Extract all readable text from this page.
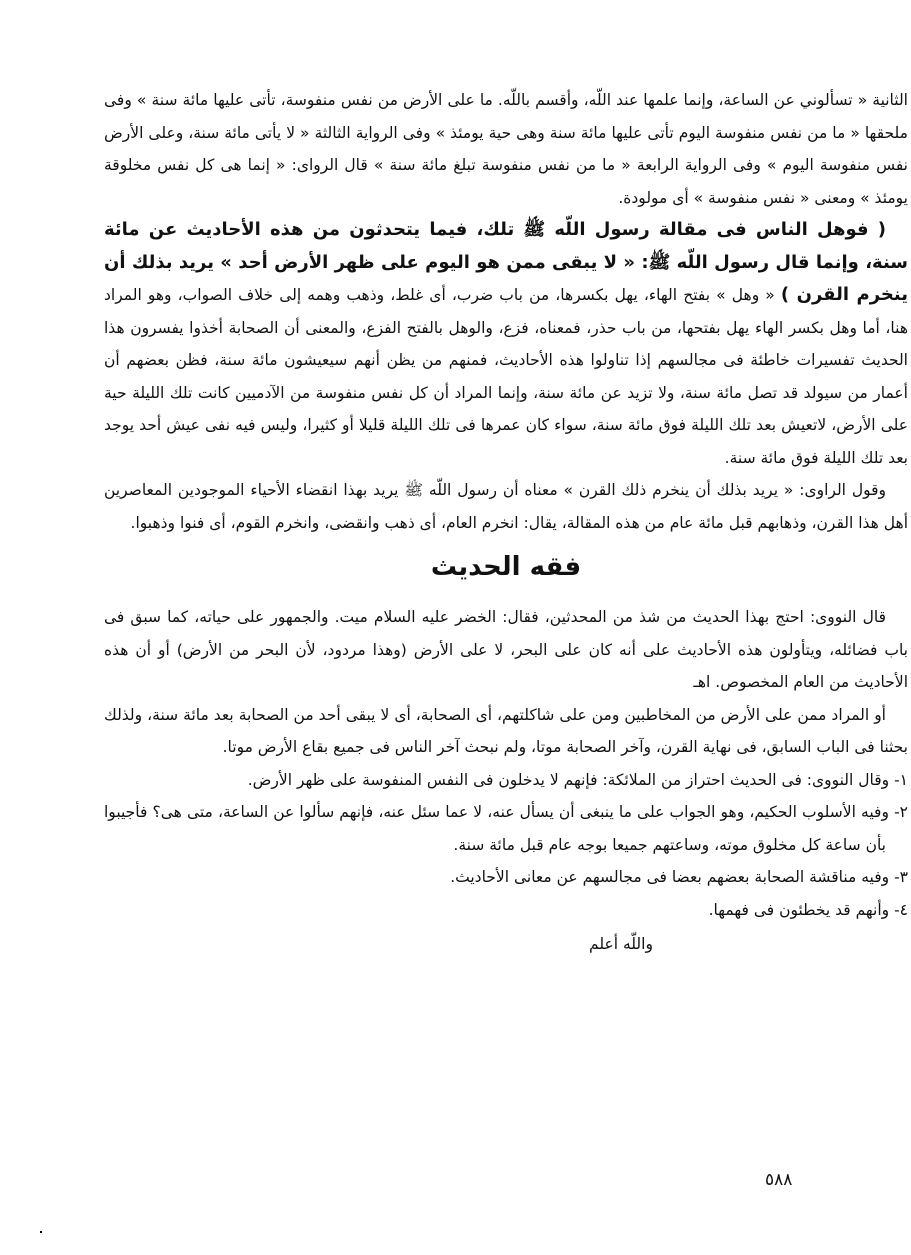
الثانية « تسألوني عن الساعة، وإنما علمها عند اللّه، وأقسم باللّه. ما على الأرض من نفس منفوسة، تأتى عليها مائة سنة » وفى ملحقها « ما من نفس منفوسة اليوم تأتى عليها مائة سنة وهى حية يومئذ » وفى الرواية الثالثة « لا يأتى مائة سنة، وعلى الأرض نفس منفوسة اليوم » وفى الرواية الرابعة « ما من نفس منفوسة تبلغ مائة سنة » قال الرواى: « إنما هى كل نفس مخلوقة يومئذ » ومعنى « نفس منفوسة » أى مولودة.

( فوهل الناس فى مقالة رسول اللّه ﷺ تلك، فيما يتحدثون من هذه الأحاديث عن مائة سنة، وإنما قال رسول اللّه ﷺ: « لا يبقى ممن هو اليوم على ظهر الأرض أحد » يريد بذلك أن ينخرم القرن ) « وهل » بفتح الهاء، يهل بكسرها، من باب ضرب، أى غلط، وذهب وهمه إلى خلاف الصواب، وهو المراد هنا، أما وهل بكسر الهاء يهل بفتحها، من باب حذر، فمعناه، فزع، والوهل بالفتح الفزع، والمعنى أن الصحابة أخذوا يفسرون هذا الحديث تفسيرات خاطئة فى مجالسهم إذا تناولوا هذه الأحاديث، فمنهم من يظن أنهم سيعيشون مائة سنة، فظن بعضهم أن أعمار من سيولد قد تصل مائة سنة، ولا تزيد عن مائة سنة، وإنما المراد أن كل نفس منفوسة من الآدميين كانت تلك الليلة حية على الأرض، لاتعيش بعد تلك الليلة فوق مائة سنة، سواء كان عمرها فى تلك الليلة قليلا أو كثيرا، وليس فيه نفى عيش أحد يوجد بعد تلك الليلة فوق مائة سنة.

وقول الراوى: « يريد بذلك أن ينخرم ذلك القرن » معناه أن رسول اللّه ﷺ يريد بهذا انقضاء الأحياء الموجودين المعاصرين أهل هذا القرن، وذهابهم قبل مائة عام من هذه المقالة، يقال: انخرم العام، أى ذهب وانقضى، وانخرم القوم، أى فنوا وذهبوا.

فقه الحديث

قال النووى: احتج بهذا الحديث من شذ من المحدثين، فقال: الخضر عليه السلام ميت. والجمهور على حياته، كما سبق فى باب فضائله، ويتأولون هذه الأحاديث على أنه كان على البحر، لا على الأرض (وهذا مردود، لأن البحر من الأرض) أو أن هذه الأحاديث من العام المخصوص. اهـ

أو المراد ممن على الأرض من المخاطبين ومن على شاكلتهم، أى الصحابة، أى لا يبقى أحد من الصحابة بعد مائة سنة، ولذلك بحثنا فى الباب السابق، فى نهاية القرن، وآخر الصحابة موتا، ولم نبحث آخر الناس فى جميع بقاع الأرض موتا.

١- وقال النووى: فى الحديث احتراز من الملائكة: فإنهم لا يدخلون فى النفس المنفوسة على ظهر الأرض.

٢- وفيه الأسلوب الحكيم، وهو الجواب على ما ينبغى أن يسأل عنه، لا عما سئل عنه، فإنهم سألوا عن الساعة، متى هى؟ فأجيبوا بأن ساعة كل مخلوق موته، وساعتهم جميعا بوجه عام قبل مائة سنة.

٣- وفيه مناقشة الصحابة بعضهم بعضا فى مجالسهم عن معانى الأحاديث.

٤- وأنهم قد يخطئون فى فهمها.

واللّه أعلم
٥٨٨
